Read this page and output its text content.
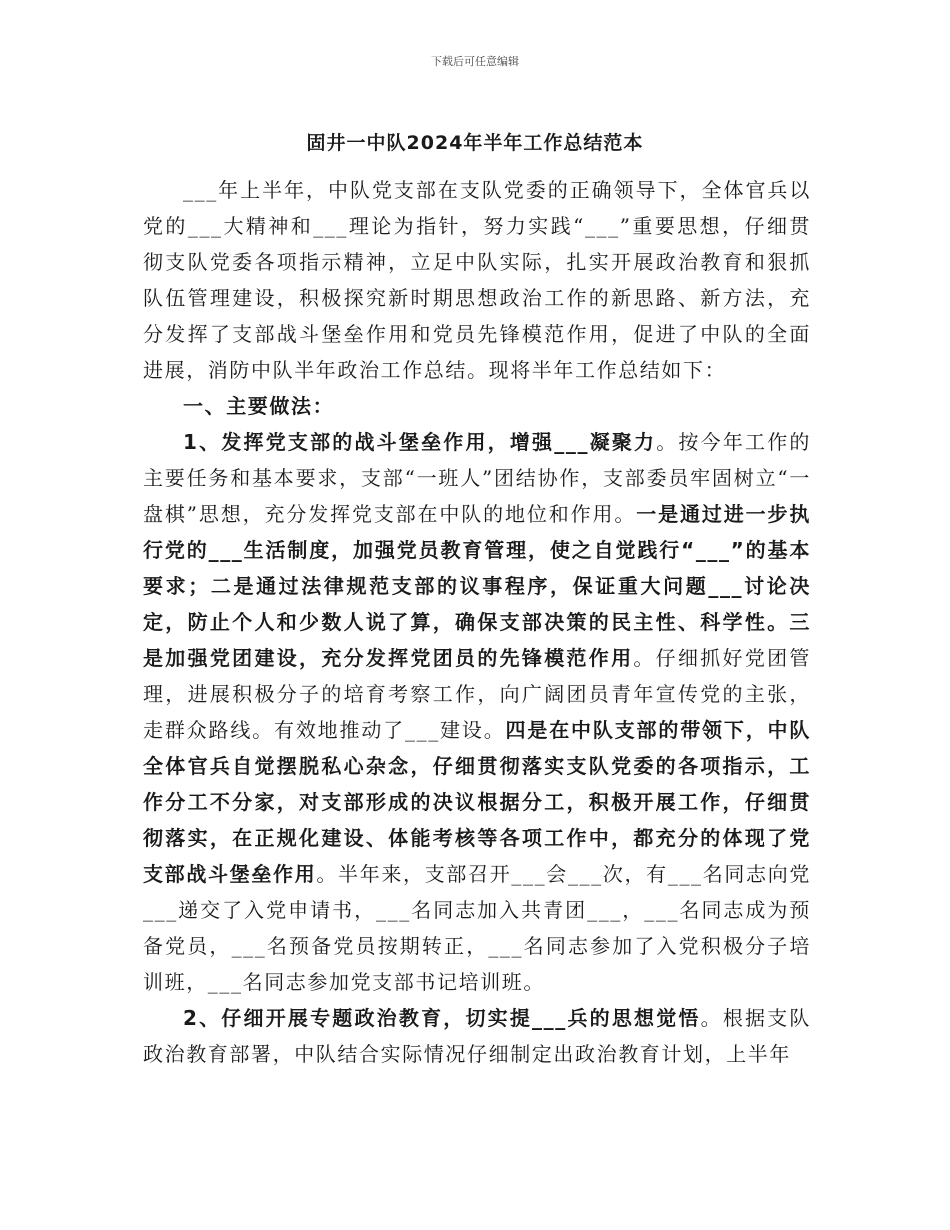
下载后可任意编辑
固井一中队2024年半年工作总结范本

___年上半年，中队党支部在支队党委的正确领导下，全体官兵以党的___大精神和___理论为指针，努力实践“___”重要思想，仔细贯彻支队党委各项指示精神，立足中队实际，扎实开展政治教育和狠抓队伍管理建设，积极探究新时期思想政治工作的新思路、新方法，充分发挥了支部战斗堡垒作用和党员先锋模范作用，促进了中队的全面进展，消防中队半年政治工作总结。现将半年工作总结如下：

一、主要做法：

1、发挥党支部的战斗堡垒作用，增强___凝聚力。按今年工作的主要任务和基本要求，支部“一班人”团结协作，支部委员牢固树立“一盘棋”思想，充分发挥党支部在中队的地位和作用。一是通过进一步执行党的___生活制度，加强党员教育管理，使之自觉践行“___”的基本要求；二是通过法律规范支部的议事程序，保证重大问题___讨论决定，防止个人和少数人说了算，确保支部决策的民主性、科学性。三是加强党团建设，充分发挥党团员的先锋模范作用。仔细抓好党团管理，进展积极分子的培育考察工作，向广阔团员青年宣传党的主张，走群众路线。有效地推动了___建设。四是在中队支部的带领下，中队全体官兵自觉摆脱私心杂念，仔细贯彻落实支队党委的各项指示，工作分工不分家，对支部形成的决议根据分工，积极开展工作，仔细贯彻落实，在正规化建设、体能考核等各项工作中，都充分的体现了党支部战斗堡垒作用。半年来，支部召开___会___次，有___名同志向党___递交了入党申请书，___名同志加入共青团___，___名同志成为预备党员，___名预备党员按期转正，___名同志参加了入党积极分子培训班，___名同志参加党支部书记培训班。

2、仔细开展专题政治教育，切实提___兵的思想觉悟。根据支队政治教育部署，中队结合实际情况仔细制定出政治教育计划，上半年
